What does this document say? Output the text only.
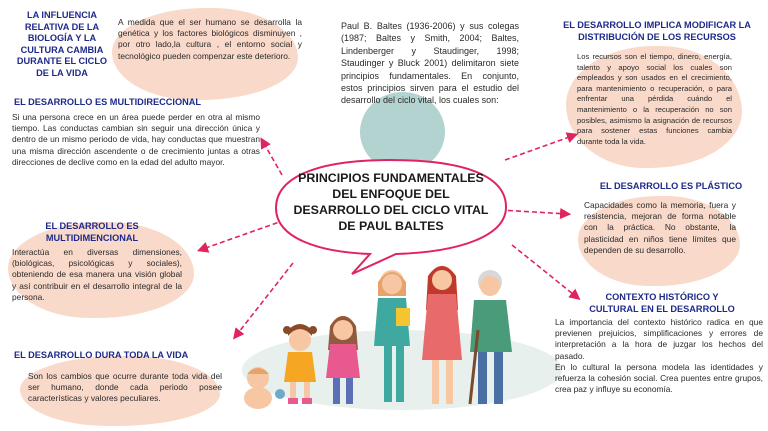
PRINCIPIOS FUNDAMENTALES
DEL ENFOQUE DEL
DESARROLLO DEL CICLO VITAL
DE PAUL BALTES
LA INFLUENCIA
RELATIVA DE LA
BIOLOGÍA Y LA
CULTURA CAMBIA
DURANTE EL CICLO
DE LA VIDA
A medida que el ser humano se desarrolla la genética y los factores biológicos disminuyen , por otro lado,la cultura , el entorno social y tecnológico pueden compenzar este deterioro.
Paul B. Baltes (1936-2006) y sus colegas (1987; Baltes y Smith, 2004; Baltes, Lindenberger y Staudinger, 1998; Staudinger y Bluck 2001) delimitaron siete principios fundamentales. En conjunto, estos principios sirven para el estudio del desarrollo del ciclo vital, los cuales son:
EL DESARROLLO IMPLICA MODIFICAR LA
DISTRIBUCIÓN DE LOS RECURSOS
Los recursos son el tiempo, dinero, energía, talento y apoyo social los cuales son empleados y son usados en el crecimiento, para mantenimiento o recuperación, o para enfrentar una pérdida cuándo el mantenimiento o la recuperación no son posibles, asimismo la asignación de recursos para sostener estas funciones cambia durante toda la vida.
EL DESARROLLO ES MULTIDIRECCIONAL
Si una persona crece en un área puede perder en otra al mismo tiempo. Las conductas cambian sin seguir una dirección única y dentro de un mismo periodo de vida, hay conductas que muestran una misma dirección ascendente o de crecimiento juntas a otras direcciones de declive como en la edad del adulto mayor.
EL DESARROLLO ES PLÁSTICO
Capacidades como la memoria, fuera y resistencia, mejoran de forma notable con la práctica. No obstante, la plasticidad en niños tiene límites que dependen de su desarrollo.
EL DESARROLLO ES
MULTIDIMENCIONAL
Interactúa en diversas dimensiones, (biológicas, psicológicas y sociales), obteniendo de esa manera una visión global y así contribuir en el desarrollo integral de la persona.	CONTEXTO HISTÓRICO Y
CULTURAL EN EL DESARROLLO
La importancia del contexto histórico radica en que previenen prejuicios, simplificaciones y errores de interpretación a la hora de juzgar los hechos del pasado.
En lo cultural la persona modela las identidades y refuerza la cohesión social. Crea puentes entre grupos, crea paz y influye su economía.
EL DESARROLLO DURA TODA LA VIDA
Son los cambios que ocurre durante toda vida del ser humano, donde cada periodo posee características y valores peculiares.
